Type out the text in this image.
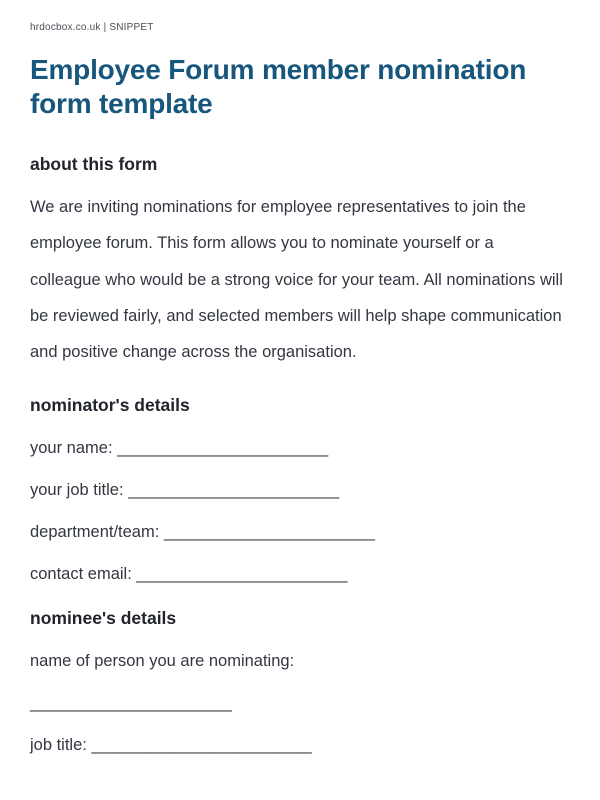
hrdocbox.co.uk | SNIPPET
Employee Forum member nomination form template
about this form

We are inviting nominations for employee representatives to join the employee forum. This form allows you to nominate yourself or a colleague who would be a strong voice for your team. All nominations will be reviewed fairly, and selected members will help shape communication and positive change across the organisation.

nominator's details
your name: _______________________
your job title: _______________________
department/team: _______________________
contact email: _______________________
nominee's details
name of person you are nominating:
______________________
job title: ________________________
